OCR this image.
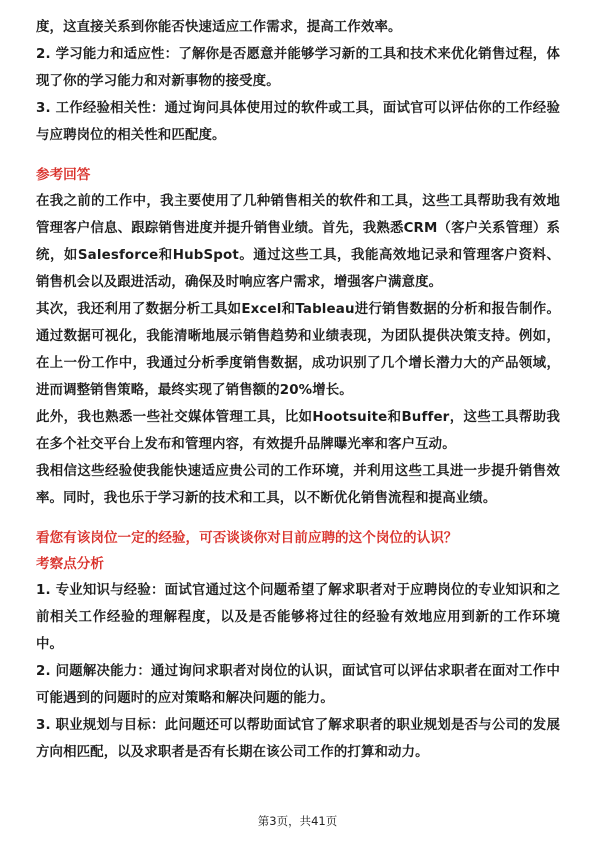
度，这直接关系到你能否快速适应工作需求，提高工作效率。

2. 学习能力和适应性：了解你是否愿意并能够学习新的工具和技术来优化销售过程，体现了你的学习能力和对新事物的接受度。

3. 工作经验相关性：通过询问具体使用过的软件或工具，面试官可以评估你的工作经验与应聘岗位的相关性和匹配度。

参考回答

在我之前的工作中，我主要使用了几种销售相关的软件和工具，这些工具帮助我有效地管理客户信息、跟踪销售进度并提升销售业绩。首先，我熟悉CRM（客户关系管理）系统，如Salesforce和HubSpot。通过这些工具，我能高效地记录和管理客户资料、销售机会以及跟进活动，确保及时响应客户需求，增强客户满意度。

其次，我还利用了数据分析工具如Excel和Tableau进行销售数据的分析和报告制作。通过数据可视化，我能清晰地展示销售趋势和业绩表现，为团队提供决策支持。例如，在上一份工作中，我通过分析季度销售数据，成功识别了几个增长潜力大的产品领域，进而调整销售策略，最终实现了销售额的20%增长。

此外，我也熟悉一些社交媒体管理工具，比如Hootsuite和Buffer，这些工具帮助我在多个社交平台上发布和管理内容，有效提升品牌曝光率和客户互动。

我相信这些经验使我能快速适应贵公司的工作环境，并利用这些工具进一步提升销售效率。同时，我也乐于学习新的技术和工具，以不断优化销售流程和提高业绩。

看您有该岗位一定的经验，可否谈谈你对目前应聘的这个岗位的认识？

考察点分析

1. 专业知识与经验：面试官通过这个问题希望了解求职者对于应聘岗位的专业知识和之前相关工作经验的理解程度，以及是否能够将过往的经验有效地应用到新的工作环境中。

2. 问题解决能力：通过询问求职者对岗位的认识，面试官可以评估求职者在面对工作中可能遇到的问题时的应对策略和解决问题的能力。

3. 职业规划与目标：此问题还可以帮助面试官了解求职者的职业规划是否与公司的发展方向相匹配，以及求职者是否有长期在该公司工作的打算和动力。

第3页，共41页
